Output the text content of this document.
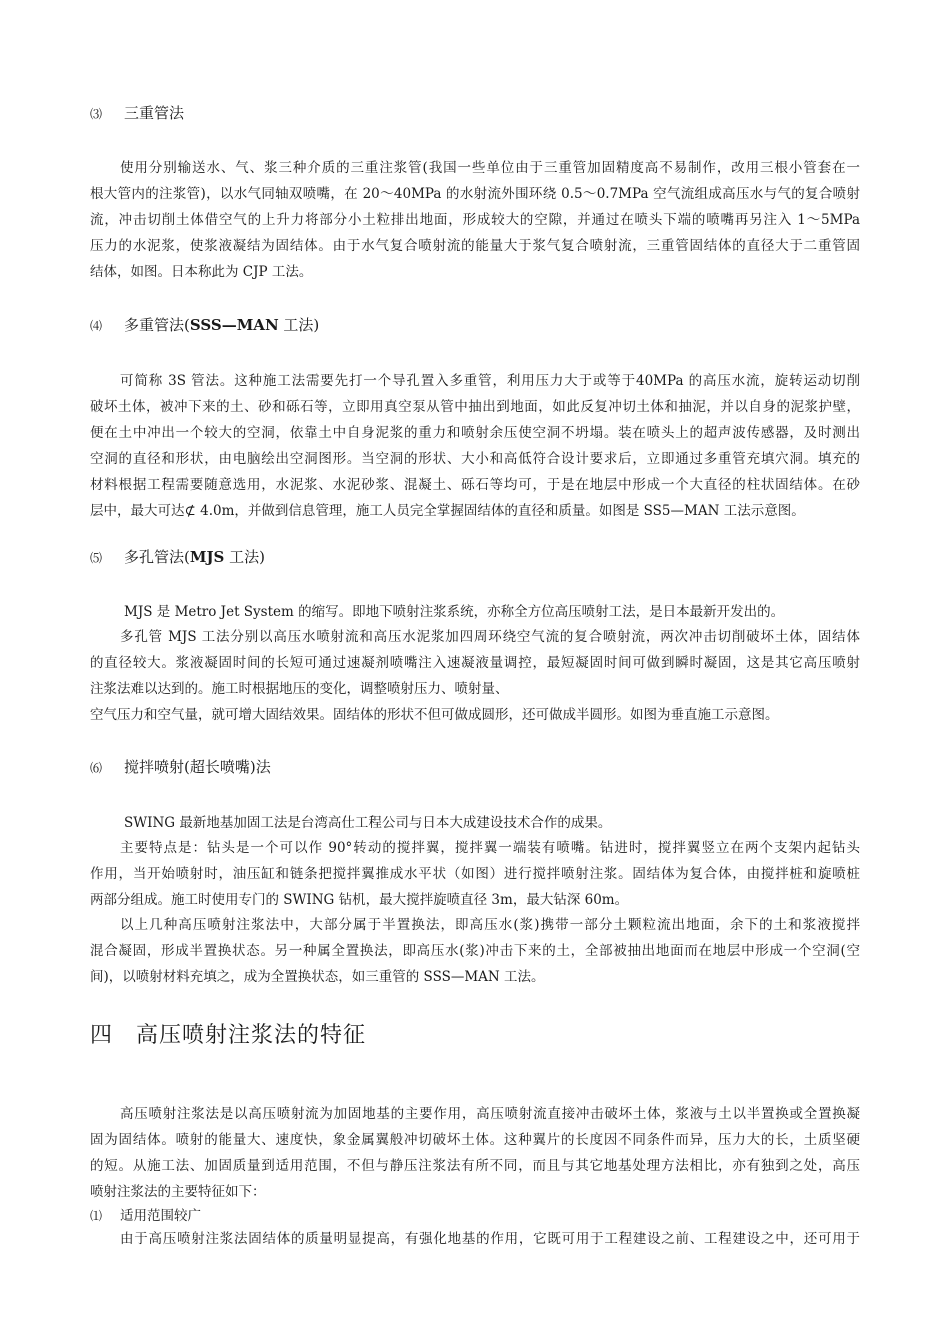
⑶ 三重管法
使用分别输送水、气、浆三种介质的三重注浆管(我国一些单位由于三重管加固精度高不易制作，改用三根小管套在一
根大管内的注浆管)，以水气同轴双喷嘴，在 20～40MPa 的水射流外围环绕 0.5～0.7MPa 空气流组成高压水与气的复合喷射
流，冲击切削土体借空气的上升力将部分小土粒排出地面，形成较大的空隙，并通过在喷头下端的喷嘴再另注入 1～5MPa
压力的水泥浆，使浆液凝结为固结体。由于水气复合喷射流的能量大于浆气复合喷射流，三重管固结体的直径大于二重管固
结体，如图。日本称此为 CJP 工法。
⑷ 多重管法(SSS—MAN 工法)
可简称 3S 管法。这种施工法需要先打一个导孔置入多重管，利用压力大于或等于40MPa 的高压水流，旋转运动切削
破坏土体，被冲下来的土、砂和砾石等，立即用真空泵从管中抽出到地面，如此反复冲切土体和抽泥，并以自身的泥浆护壁，
便在土中冲出一个较大的空洞，依靠土中自身泥浆的重力和喷射余压使空洞不坍塌。装在喷头上的超声波传感器，及时测出
空洞的直径和形状，由电脑绘出空洞图形。当空洞的形状、大小和高低符合设计要求后，立即通过多重管充填穴洞。填充的
材料根据工程需要随意选用，水泥浆、水泥砂浆、混凝土、砾石等均可，于是在地层中形成一个大直径的柱状固结体。在砂
层中，最大可达⊄ 4.0m，并做到信息管理，施工人员完全掌握固结体的直径和质量。如图是 SS5—MAN 工法示意图。
⑸ 多孔管法(MJS 工法)
MJS 是 Metro Jet System 的缩写。即地下喷射注浆系统，亦称全方位高压喷射工法，是日本最新开发出的。
多孔管 MJS 工法分别以高压水喷射流和高压水泥浆加四周环绕空气流的复合喷射流，两次冲击切削破坏土体，固结体
的直径较大。浆液凝固时间的长短可通过速凝剂喷嘴注入速凝液量调控，最短凝固时间可做到瞬时凝固，这是其它高压喷射
注浆法难以达到的。施工时根据地压的变化，调整喷射压力、喷射量、
空气压力和空气量，就可增大固结效果。固结体的形状不但可做成圆形，还可做成半圆形。如图为垂直施工示意图。
⑹ 搅拌喷射(超长喷嘴)法
SWING 最新地基加固工法是台湾高仕工程公司与日本大成建设技术合作的成果。
主要特点是：钻头是一个可以作 90°转动的搅拌翼，搅拌翼一端装有喷嘴。钻进时，搅拌翼竖立在两个支架内起钻头
作用，当开始喷射时，油压缸和链条把搅拌翼推成水平状（如图）进行搅拌喷射注浆。固结体为复合体，由搅拌桩和旋喷桩
两部分组成。施工时使用专门的 SWING 钻机，最大搅拌旋喷直径 3m，最大钻深 60m。
以上几种高压喷射注浆法中，大部分属于半置换法，即高压水(浆)携带一部分土颗粒流出地面，余下的土和浆液搅拌
混合凝固，形成半置换状态。另一种属全置换法，即高压水(浆)冲击下来的土，全部被抽出地面而在地层中形成一个空洞(空
间)，以喷射材料充填之，成为全置换状态，如三重管的 SSS—MAN 工法。
四 高压喷射注浆法的特征
高压喷射注浆法是以高压喷射流为加固地基的主要作用，高压喷射流直接冲击破坏土体，浆液与土以半置换或全置换凝
固为固结体。喷射的能量大、速度快，象金属翼般冲切破坏土体。这种翼片的长度因不同条件而异，压力大的长，土质坚硬
的短。从施工法、加固质量到适用范围，不但与静压注浆法有所不同，而且与其它地基处理方法相比，亦有独到之处，高压
喷射注浆法的主要特征如下：
⑴ 适用范围较广
由于高压喷射注浆法固结体的质量明显提高，有强化地基的作用，它既可用于工程建设之前、工程建设之中，还可用于
